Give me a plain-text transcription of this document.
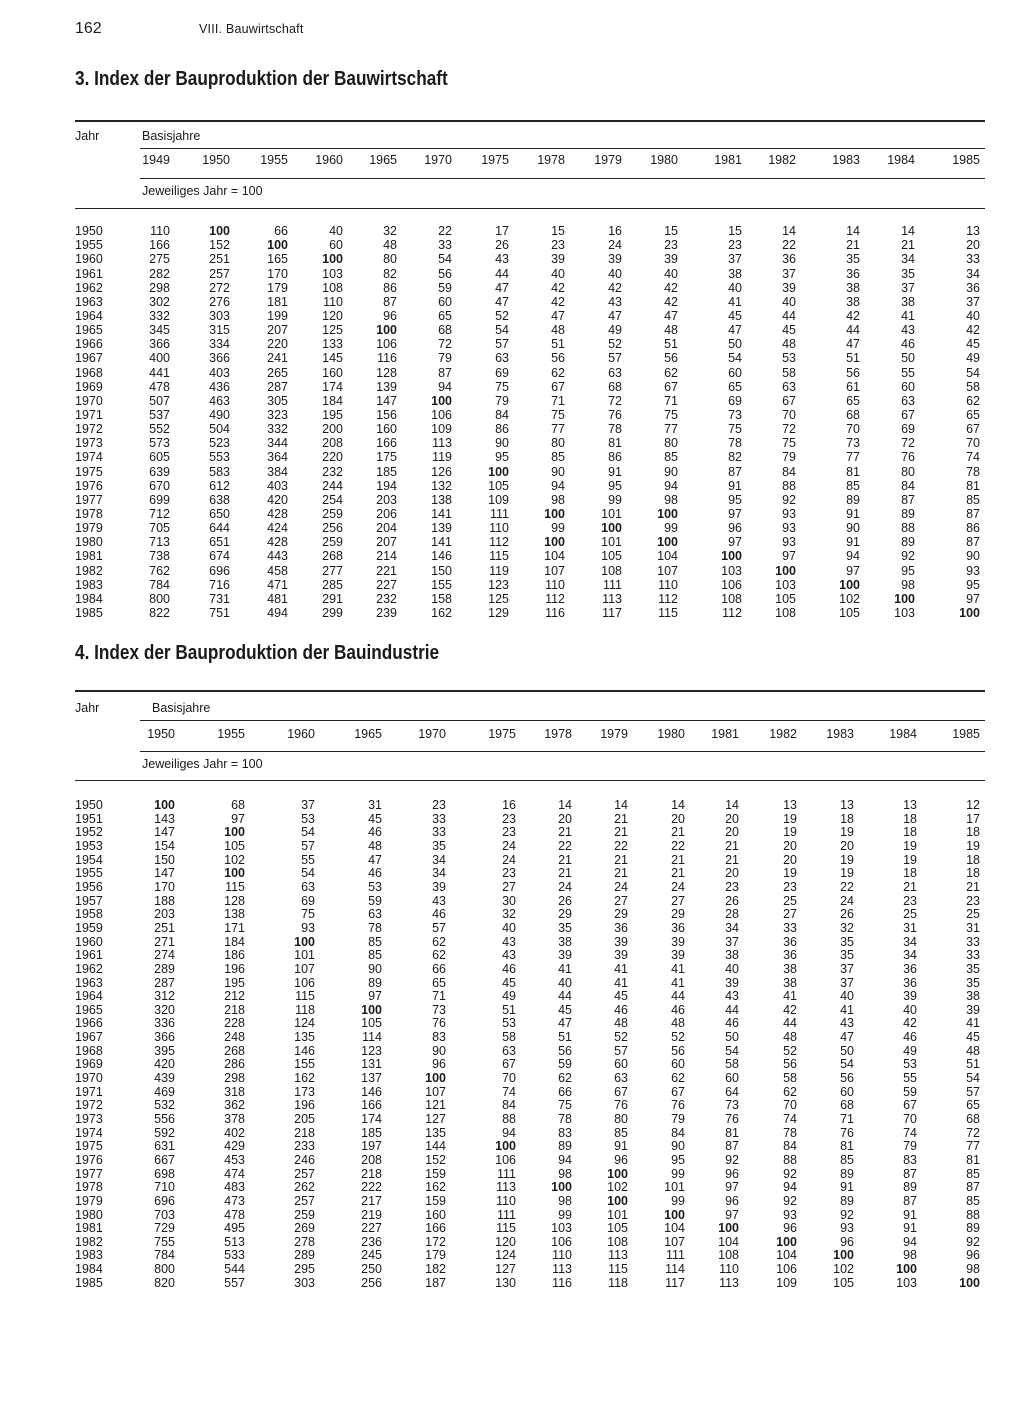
162	VIII. Bauwirtschaft
3. Index der Bauproduktion der Bauwirtschaft
Jahr	Basisjahre
1949	1950 1955 1960 1965 1970 1975 1978 1979 1980	1981 1982	1983 1984	1985
Jeweiliges Jahr = 100
1950	110	100	66	40	32	22	17	15	16	15	15	14	14	14	13
1955	166	152	100	60	48	33	26	23	24	23	23	22	21	21	20
1960	275	251	165	100	80	54	43	39	39	39	37	36	35	34	33
1961	282	257	170	103	82	56	44	40	40	40	38	37	36	35	34
1962	298	272	179	108	86	59	47	42	42	42	40	39	38	37	36
1963	302	276	181	110	87	60	47	42	43	42	41	40	38	38	37
1964	332	303	199	120	96	65	52	47	47	47	45	44	42	41	40
1965	345	315	207	125	100	68	54	48	49	48	47	45	44	43	42
1966	366	334	220	133	106	72	57	51	52	51	50	48	47	46	45
1967	400	366	241	145	116	79	63	56	57	56	54	53	51	50	49
1968	441	403	265	160	128	87	69	62	63	62	60	58	56	55	54
1969	478	436	287	174	139	94	75	67	68	67	65	63	61	60	58
1970	507	463	305	184	147	100	79	71	72	71	69	67	65	63	62
1971	537	490	323	195	156	106	84	75	76	75	73	70	68	67	65
1972	552	504	332	200	160	109	86	77	78	77	75	72	70	69	67
1973	573	523	344	208	166	113	90	80	81	80	78	75	73	72	70
1974	605	553	364	220	175	119	95	85	86	85	82	79	77	76	74
1975	639	583	384	232	185	126	100	90	91	90	87	84	81	80	78
1976	670	612	403	244	194	132	105	94	95	94	91	88	85	84	81
1977	699	638	420	254	203	138	109	98	99	98	95	92	89	87	85
1978	712	650	428	259	206	141	111	100	101	100	97	93	91	89	87
1979	705	644	424	256	204	139	110	99	100	99	96	93	90	88	86
1980	713	651	428	259	207	141	112	100	101	100	97	93	91	89	87
1981	738	674	443	268	214	146	115	104	105	104	100	97	94	92	90
1982	762	696	458	277	221	150	119	107	108	107	103	100	97	95	93
1983	784	716	471	285	227	155	123	110	111	110	106	103	100	98	95
1984	800	731	481	291	232	158	125	112	113	112	108	105	102	100	97
1985	822	751	494	299	239	162	129	116	117	115	112	108	105	103	100
4. Index der Bauproduktion der Bauindustrie
Jahr	Basisjahre
1950	1955	1960	1965	1970	1975 1978 1979 1980 1981 1982 1983	1984	1985
Jeweiliges Jahr = 100
1950	100	68	37	31	23	16	14	14	14	14	13	13	13	12
1951	143	97	53	45	33	23	20	21	20	20	19	18	18	17
1952	147	100	54	46	33	23	21	21	21	20	19	19	18	18
1953	154	105	57	48	35	24	22	22	22	21	20	20	19	19
1954	150	102	55	47	34	24	21	21	21	21	20	19	19	18
1955	147	100	54	46	34	23	21	21	21	20	19	19	18	18
1956	170	115	63	53	39	27	24	24	24	23	23	22	21	21
1957	188	128	69	59	43	30	26	27	27	26	25	24	23	23
1958	203	138	75	63	46	32	29	29	29	28	27	26	25	25
1959	251	171	93	78	57	40	35	36	36	34	33	32	31	31
1960	271	184	100	85	62	43	38	39	39	37	36	35	34	33
1961	274	186	101	85	62	43	39	39	39	38	36	35	34	33
1962	289	196	107	90	66	46	41	41	41	40	38	37	36	35
1963	287	195	106	89	65	45	40	41	41	39	38	37	36	35
1964	312	212	115	97	71	49	44	45	44	43	41	40	39	38
1965	320	218	118	100	73	51	45	46	46	44	42	41	40	39
1966	336	228	124	105	76	53	47	48	48	46	44	43	42	41
1967	366	248	135	114	83	58	51	52	52	50	48	47	46	45
1968	395	268	146	123	90	63	56	57	56	54	52	50	49	48
1969	420	286	155	131	96	67	59	60	60	58	56	54	53	51
1970	439	298	162	137	100	70	62	63	62	60	58	56	55	54
1971	469	318	173	146	107	74	66	67	67	64	62	60	59	57
1972	532	362	196	166	121	84	75	76	76	73	70	68	67	65
1973	556	378	205	174	127	88	78	80	79	76	74	71	70	68
1974	592	402	218	185	135	94	83	85	84	81	78	76	74	72
1975	631	429	233	197	144	100	89	91	90	87	84	81	79	77
1976	667	453	246	208	152	106	94	96	95	92	88	85	83	81
1977	698	474	257	218	159	111	98	100	99	96	92	89	87	85
1978	710	483	262	222	162	113	100	102	101	97	94	91	89	87
1979	696	473	257	217	159	110	98	100	99	96	92	89	87	85
1980	703	478	259	219	160	111	99	101	100	97	93	92	91	88
1981	729	495	269	227	166	115	103	105	104	100	96	93	91	89
1982	755	513	278	236	172	120	106	108	107	104	100	96	94	92
1983	784	533	289	245	179	124	110	113	111	108	104	100	98	96
1984	800	544	295	250	182	127	113	115	114	110	106	102	100	98
1985	820	557	303	256	187	130	116	118	117	113	109	105	103	100
